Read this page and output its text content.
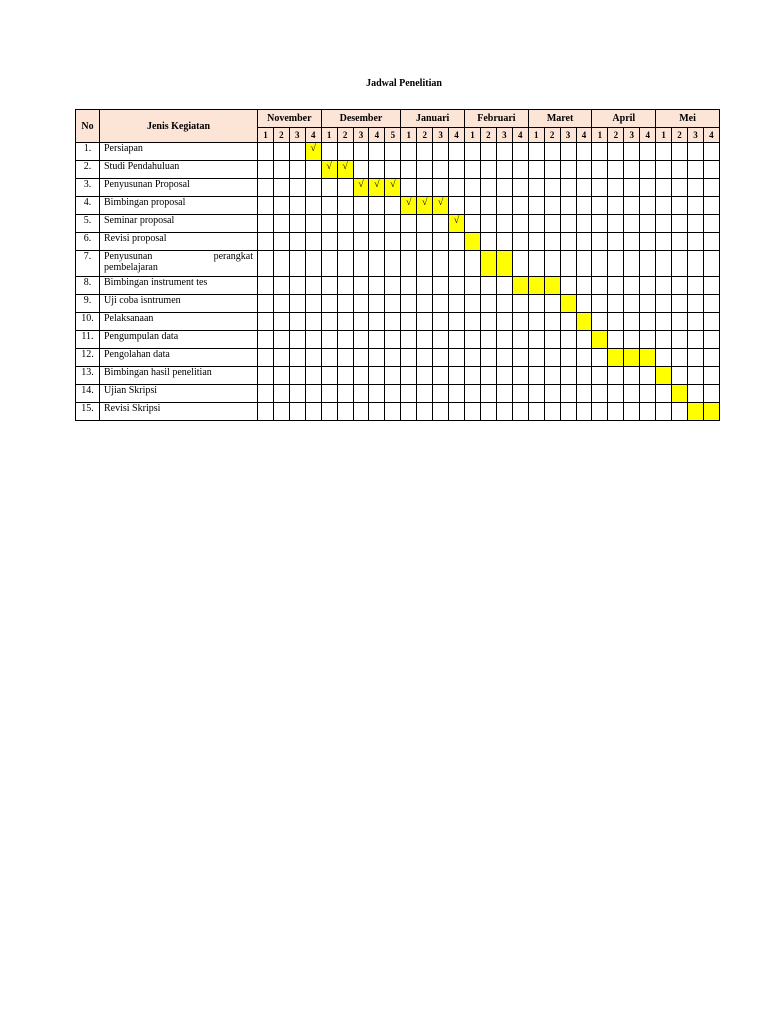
Jadwal Penelitian
No	Jenis Kegiatan	November				Desember					Januari				Februari				Maret				April				Mei			
		1	2	3	4	1	2	3	4	5	1	2	3	4	1	2	3	4	1	2	3	4	1	2	3	4	1	2	3	4
1.	Persiapan				√																									
2.	Studi Pendahuluan					√	√																							
3.	Penyusunan Proposal							√	√	√																				
4.	Bimbingan proposal										√	√	√																	
5.	Seminar proposal													√																
6.	Revisi proposal																													
7.	Penyusunan perangkat
pembelajaran																													

8.	Bimbingan instrument tes																													
9.	Uji coba isntrumen																													
10.	Pelaksanaan																													
11.	Pengumpulan data																													
12.	Pengolahan data																													
13.	Bimbingan hasil penelitian																													
14.	Ujian Skripsi																													
15.	Revisi Skripsi																													
